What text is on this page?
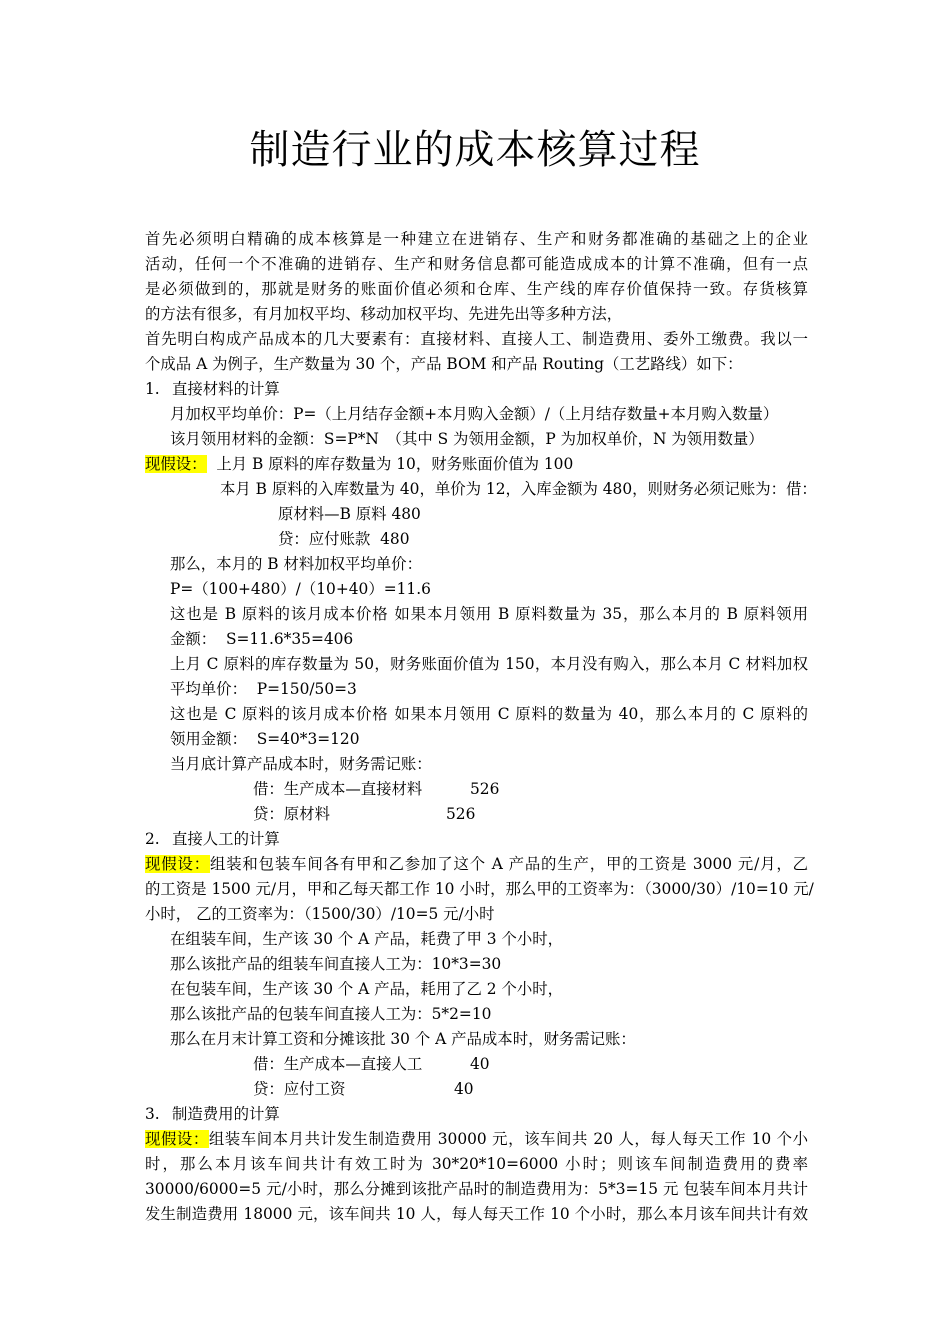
制造行业的成本核算过程
首先必须明白精确的成本核算是一种建立在进销存、生产和财务都准确的基础之上的企业
活动，任何一个不准确的进销存、生产和财务信息都可能造成成本的计算不准确，但有一点
是必须做到的，那就是财务的账面价值必须和仓库、生产线的库存价值保持一致。存货核算
的方法有很多，有月加权平均、移动加权平均、先进先出等多种方法，
首先明白构成产品成本的几大要素有：直接材料、直接人工、制造费用、委外工缴费。我以一
个成品 A 为例子，生产数量为 30 个，产品 BOM 和产品 Routing（工艺路线）如下：
1. 直接材料的计算
月加权平均单价：P=（上月结存金额+本月购入金额）/（上月结存数量+本月购入数量）
该月领用材料的金额：S=P*N　（其中 S 为领用金额，P 为加权单价，N 为领用数量）
现假设： 上月 B 原料的库存数量为 10，财务账面价值为 100
本月 B 原料的入库数量为 40，单价为 12，入库金额为 480，则财务必须记账为：借：
原材料—B 原料 480
贷：应付账款  480
那么，本月的 B 材料加权平均单价：
P=（100+480）/（10+40）=11.6
这也是 B 原料的该月成本价格 如果本月领用 B 原料数量为 35，那么本月的 B 原料领用
金额：  S=11.6*35=406
上月 C 原料的库存数量为 50，财务账面价值为 150，本月没有购入，那么本月 C 材料加权
平均单价：  P=150/50=3
这也是 C 原料的该月成本价格 如果本月领用 C 原料的数量为 40，那么本月的 C 原料的
领用金额：  S=40*3=120
当月底计算产品成本时，财务需记账：
借：生产成本—直接材料	526
贷：原材料	526
2. 直接人工的计算
现假设：组装和包装车间各有甲和乙参加了这个 A 产品的生产，甲的工资是 3000 元/月，乙
的工资是 1500 元/月，甲和乙每天都工作 10 小时，那么甲的工资率为：（3000/30）/10=10 元/
小时， 乙的工资率为：（1500/30）/10=5 元/小时
在组装车间，生产该 30 个 A 产品，耗费了甲 3 个小时，
那么该批产品的组装车间直接人工为：10*3=30
在包装车间，生产该 30 个 A 产品，耗用了乙 2 个小时，
那么该批产品的包装车间直接人工为：5*2=10
那么在月末计算工资和分摊该批 30 个 A 产品成本时，财务需记账：
借：生产成本—直接人工	40
贷：应付工资	40
3. 制造费用的计算
现假设：组装车间本月共计发生制造费用 30000 元，该车间共 20 人，每人每天工作 10 个小
时，那么本月该车间共计有效工时为 30*20*10=6000 小时；则该车间制造费用的费率
30000/6000=5 元/小时，那么分摊到该批产品时的制造费用为：5*3=15 元 包装车间本月共计
发生制造费用 18000 元，该车间共 10 人，每人每天工作 10 个小时，那么本月该车间共计有效
